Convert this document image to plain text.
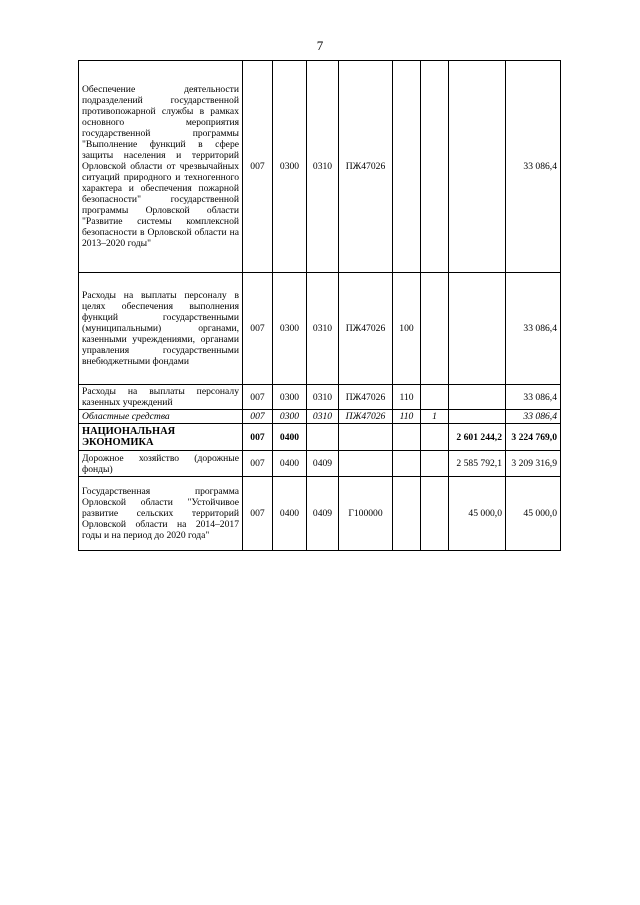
7
Обеспечение деятельности подразделений государственной противопожарной службы в рамках основного мероприятия государственной программы "Выполнение функций в сфере защиты населения и территорий Орловской области от чрезвычайных ситуаций природного и техногенного характера и обеспечения пожарной безопасности" государственной программы Орловской области "Развитие системы комплексной безопасности в Орловской области на 2013–2020 годы"	007	0300	0310	ПЖ47026				33 086,4
Расходы на выплаты персоналу в целях обеспечения выполнения функций государственными (муниципальными) органами, казенными учреждениями, органами управления государственными внебюджетными фондами	007	0300	0310	ПЖ47026	100			33 086,4
Расходы на выплаты персоналу казенных учреждений	007	0300	0310	ПЖ47026	110			33 086,4
Областные средства	007	0300	0310	ПЖ47026	110	1		33 086,4
НАЦИОНАЛЬНАЯ ЭКОНОМИКА	007	0400					2 601 244,2	3 224 769,0
Дорожное хозяйство (дорожные фонды)	007	0400	0409				2 585 792,1	3 209 316,9
Государственная программа Орловской области "Устойчивое развитие сельских территорий Орловской области на 2014–2017 годы и на период до 2020 года"	007	0400	0409	Г100000			45 000,0	45 000,0
